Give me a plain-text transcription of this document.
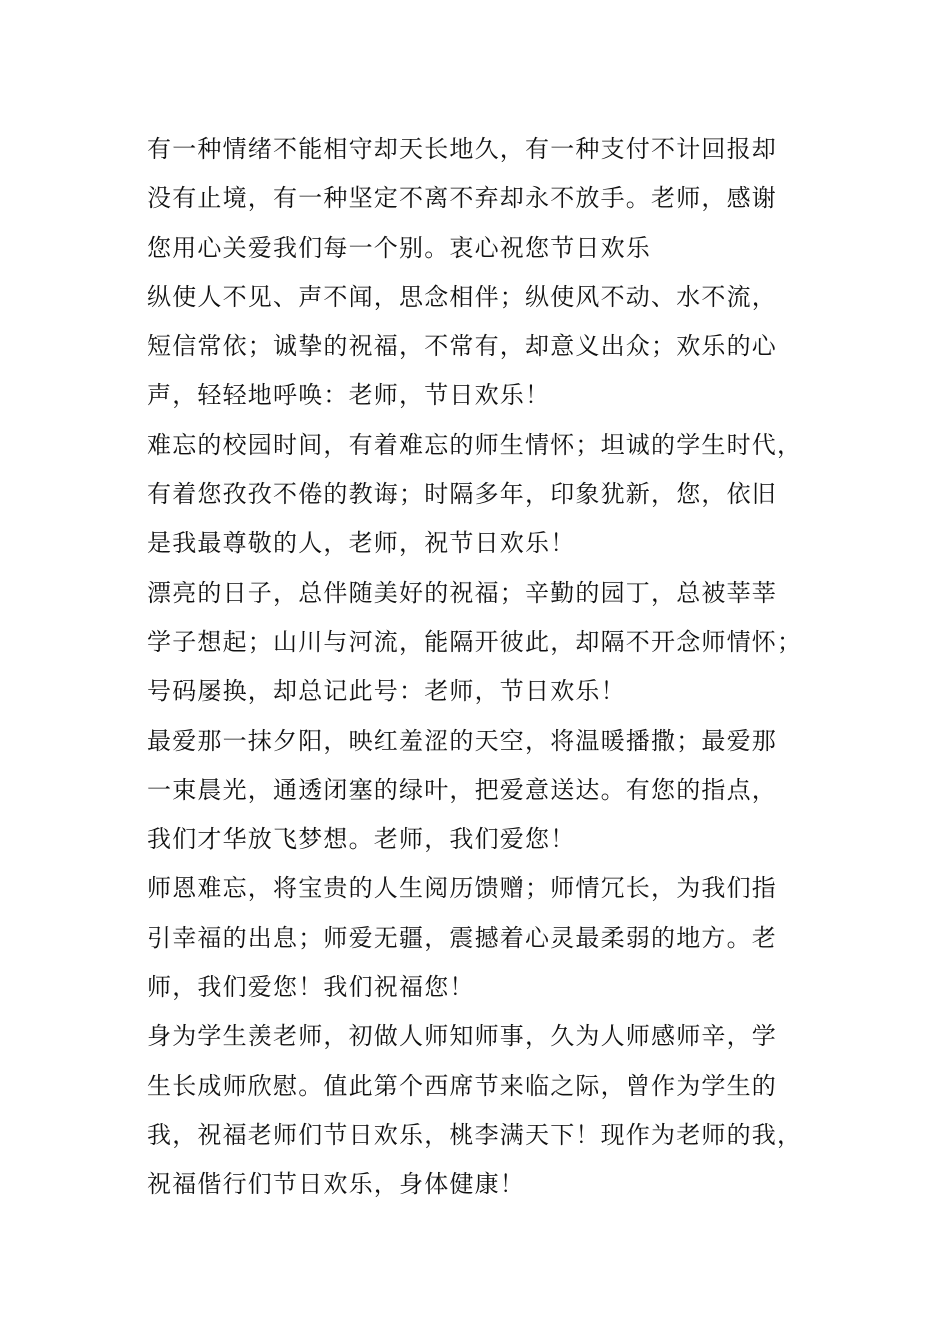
有一种情绪不能相守却天长地久，有一种支付不计回报却
没有止境，有一种坚定不离不弃却永不放手。老师，感谢
您用心关爱我们每一个别。衷心祝您节日欢乐
纵使人不见、声不闻，思念相伴；纵使风不动、水不流，
短信常依；诚挚的祝福，不常有，却意义出众；欢乐的心
声，轻轻地呼唤：老师，节日欢乐！
难忘的校园时间，有着难忘的师生情怀；坦诚的学生时代，
有着您孜孜不倦的教诲；时隔多年，印象犹新，您，依旧
是我最尊敬的人，老师，祝节日欢乐！
漂亮的日子，总伴随美好的祝福；辛勤的园丁，总被莘莘
学子想起；山川与河流，能隔开彼此，却隔不开念师情怀；
号码屡换，却总记此号：老师，节日欢乐！
最爱那一抹夕阳，映红羞涩的天空，将温暖播撒；最爱那
一束晨光，通透闭塞的绿叶，把爱意送达。有您的指点，
我们才华放飞梦想。老师，我们爱您！
师恩难忘，将宝贵的人生阅历馈赠；师情冗长，为我们指
引幸福的出息；师爱无疆，震撼着心灵最柔弱的地方。老
师，我们爱您！我们祝福您！
身为学生羡老师，初做人师知师事，久为人师感师辛，学
生长成师欣慰。值此第个西席节来临之际，曾作为学生的
我，祝福老师们节日欢乐，桃李满天下！现作为老师的我，
祝福偕行们节日欢乐，身体健康！
